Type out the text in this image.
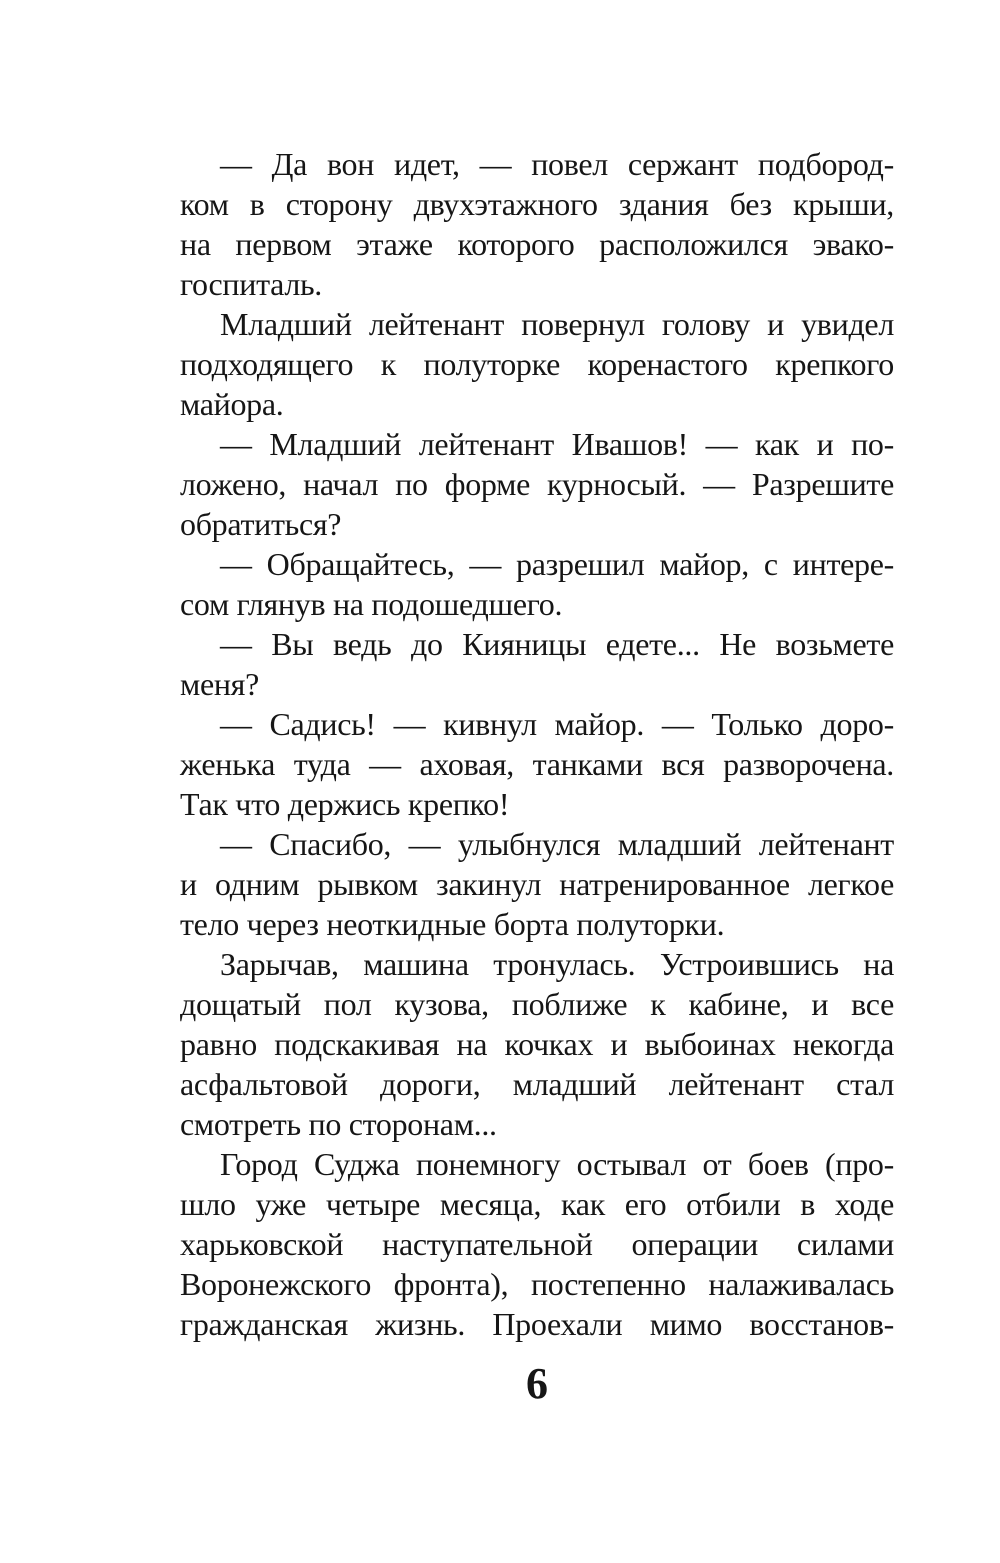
— Да вон идет, — повел сержант подбород-
ком в сторону двухэтажного здания без крыши,
на первом этаже которого расположился эвако-
госпиталь.
Младший лейтенант повернул голову и увидел
подходящего к полуторке коренастого крепкого
майора.
— Младший лейтенант Ивашов! — как и по-
ложено, начал по форме курносый. — Разрешите
обратиться?
— Обращайтесь, — разрешил майор, с интере-
сом глянув на подошедшего.
— Вы ведь до Кияницы едете... Не возьмете
меня?
— Садись! — кивнул майор. — Только доро-
женька туда — аховая, танками вся разворочена.
Так что держись крепко!
— Спасибо, — улыбнулся младший лейтенант
и одним рывком закинул натренированное легкое
тело через неоткидные борта полуторки.
Зарычав, машина тронулась. Устроившись на
дощатый пол кузова, поближе к кабине, и все
равно подскакивая на кочках и выбоинах некогда
асфальтовой дороги, младший лейтенант стал
смотреть по сторонам...
Город Суджа понемногу остывал от боев (про-
шло уже четыре месяца, как его отбили в ходе
харьковской наступательной операции силами
Воронежского фронта), постепенно налаживалась
гражданская жизнь. Проехали мимо восстанов-
6
